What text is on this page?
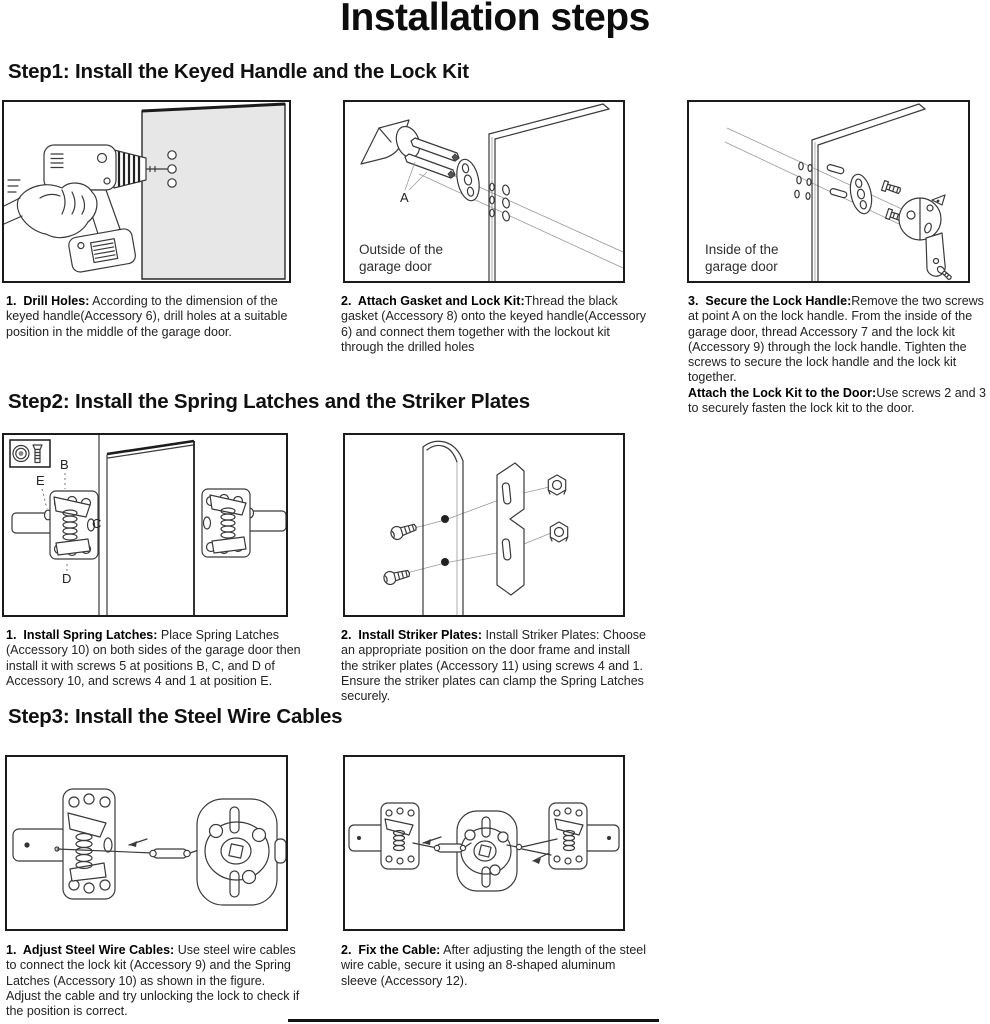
Installation steps
Step1: Install the Keyed Handle and the Lock Kit
A
Outside of the
garage door
Inside of the
garage door

1.  Drill Holes: According to the dimension of the keyed handle(Accessory 6), drill holes at a suitable position in the middle of the garage door.

2.  Attach Gasket and Lock Kit:Thread the black gasket (Accessory 8) onto the keyed handle(Accessory 6) and connect them together with the lockout kit through the drilled holes

3.  Secure the Lock Handle:Remove the two screws at point A on the lock handle. From the inside of the garage door, thread Accessory 7 and the lock kit (Accessory 9) through the lock handle. Tighten the screws to secure the lock handle and the lock kit together.
Attach the Lock Kit to the Door:Use screws 2 and 3 to securely fasten the lock kit to the door.

Step2: Install the Spring Latches and the Striker Plates
B
E
C
D

1.  Install Spring Latches: Place Spring Latches (Accessory 10) on both sides of the garage door then install it with screws 5 at positions B, C, and D of Accessory 10, and screws 4 and 1 at position E.

2.  Install Striker Plates: Install Striker Plates: Choose an appropriate position on the door frame and install the striker plates (Accessory 11) using screws 4 and 1. Ensure the striker plates can clamp the Spring Latches securely.

Step3: Install the Steel Wire Cables

1.  Adjust Steel Wire Cables: Use steel wire cables to connect the lock kit (Accessory 9) and the Spring Latches (Accessory 10) as shown in the figure.
Adjust the cable and try unlocking the lock to check if the position is correct.

2.  Fix the Cable: After adjusting the length of the steel wire cable, secure it using an 8-shaped aluminum sleeve (Accessory 12).
